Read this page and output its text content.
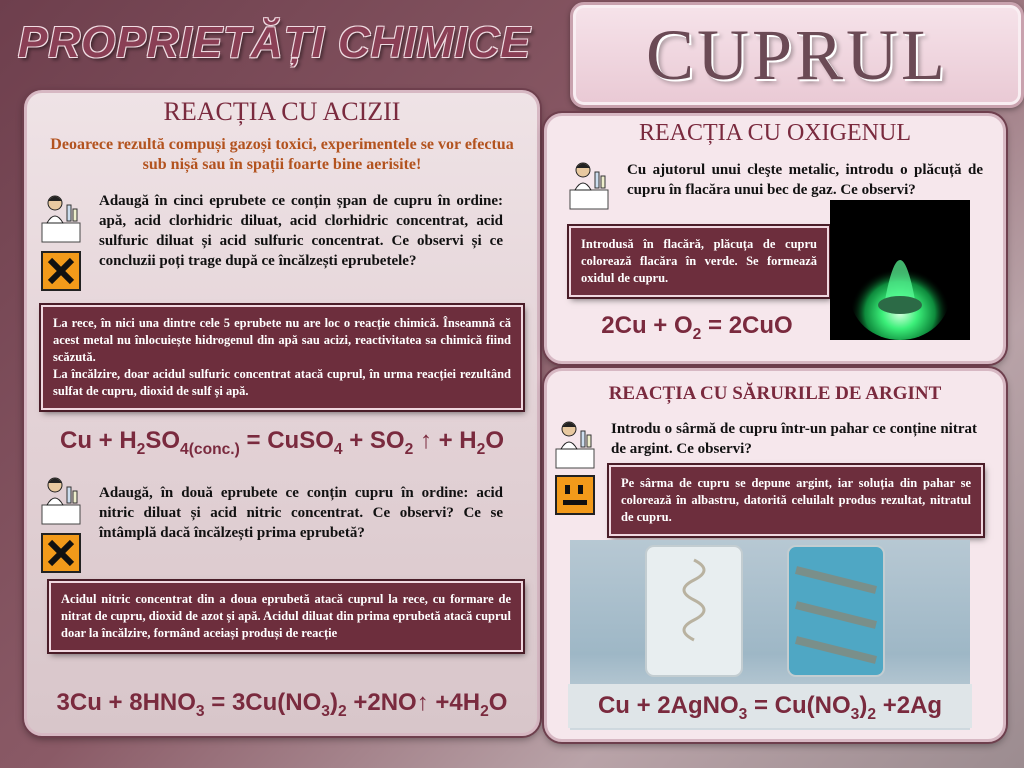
PROPRIETĂȚI CHIMICE CUPRUL
REACȚIA CU ACIZII
Deoarece rezultă compuși gazoși toxici, experimentele se vor efectua sub nișă sau în spații foarte bine aerisite!
Adaugă în cinci eprubete ce conțin șpan de cupru în ordine: apă, acid clorhidric diluat, acid clorhidric concentrat, acid sulfuric diluat și acid sulfuric concentrat. Ce observi și ce concluzii poți trage după ce încălzești eprubetele?
La rece, în nici una dintre cele 5 eprubete nu are loc o reacție chimică. Înseamnă că acest metal nu înlocuiește hidrogenul din apă sau acizi, reactivitatea sa chimică fiind scăzută.
La încălzire, doar acidul sulfuric concentrat atacă cuprul, în urma reacției rezultând sulfat de cupru, dioxid de sulf și apă.
$Cu + H_2SO_{4(conc.)}$ = CuSO$_4$ + $SO_2$ ↑ + $H_2O$
Adaugă, în două eprubete ce conțin cupru în ordine: acid nitric diluat și acid nitric concentrat. Ce observi? Ce se întâmplă dacă încălzești prima eprubetă?
Acidul nitric concentrat din a doua eprubetă atacă cuprul la rece, cu formare de nitrat de cupru, dioxid de azot și apă. Acidul diluat din prima eprubetă atacă cuprul doar la încălzire, formând aceiași produși de reacție
$3Cu + 8HNO_3 = 3Cu(NO_3)_2$ +2NO↑ $+4H_2O$
REACȚIA CU OXIGENUL
Cu ajutorul unui cleşte metalic, introdu o plăcuță de cupru în flacăra unui bec de gaz. Ce observi?
Introdusă în flacără, plăcuța de cupru colorează flacăra în verde. Se formează oxidul de cupru.
$2Cu + O_2 = 2CuO$
REACȚIA CU SĂRURILE DE ARGINT
Introdu o sârmă de cupru într-un pahar ce conține nitrat de argint. Ce observi?
Pe sârma de cupru se depune argint, iar soluția din pahar se colorează în albastru, datorită celuilalt produs rezultat, nitratul de cupru.
Cu + 2AgNO$_3$ = $Cu(NO_3)_2 +2Ag$
